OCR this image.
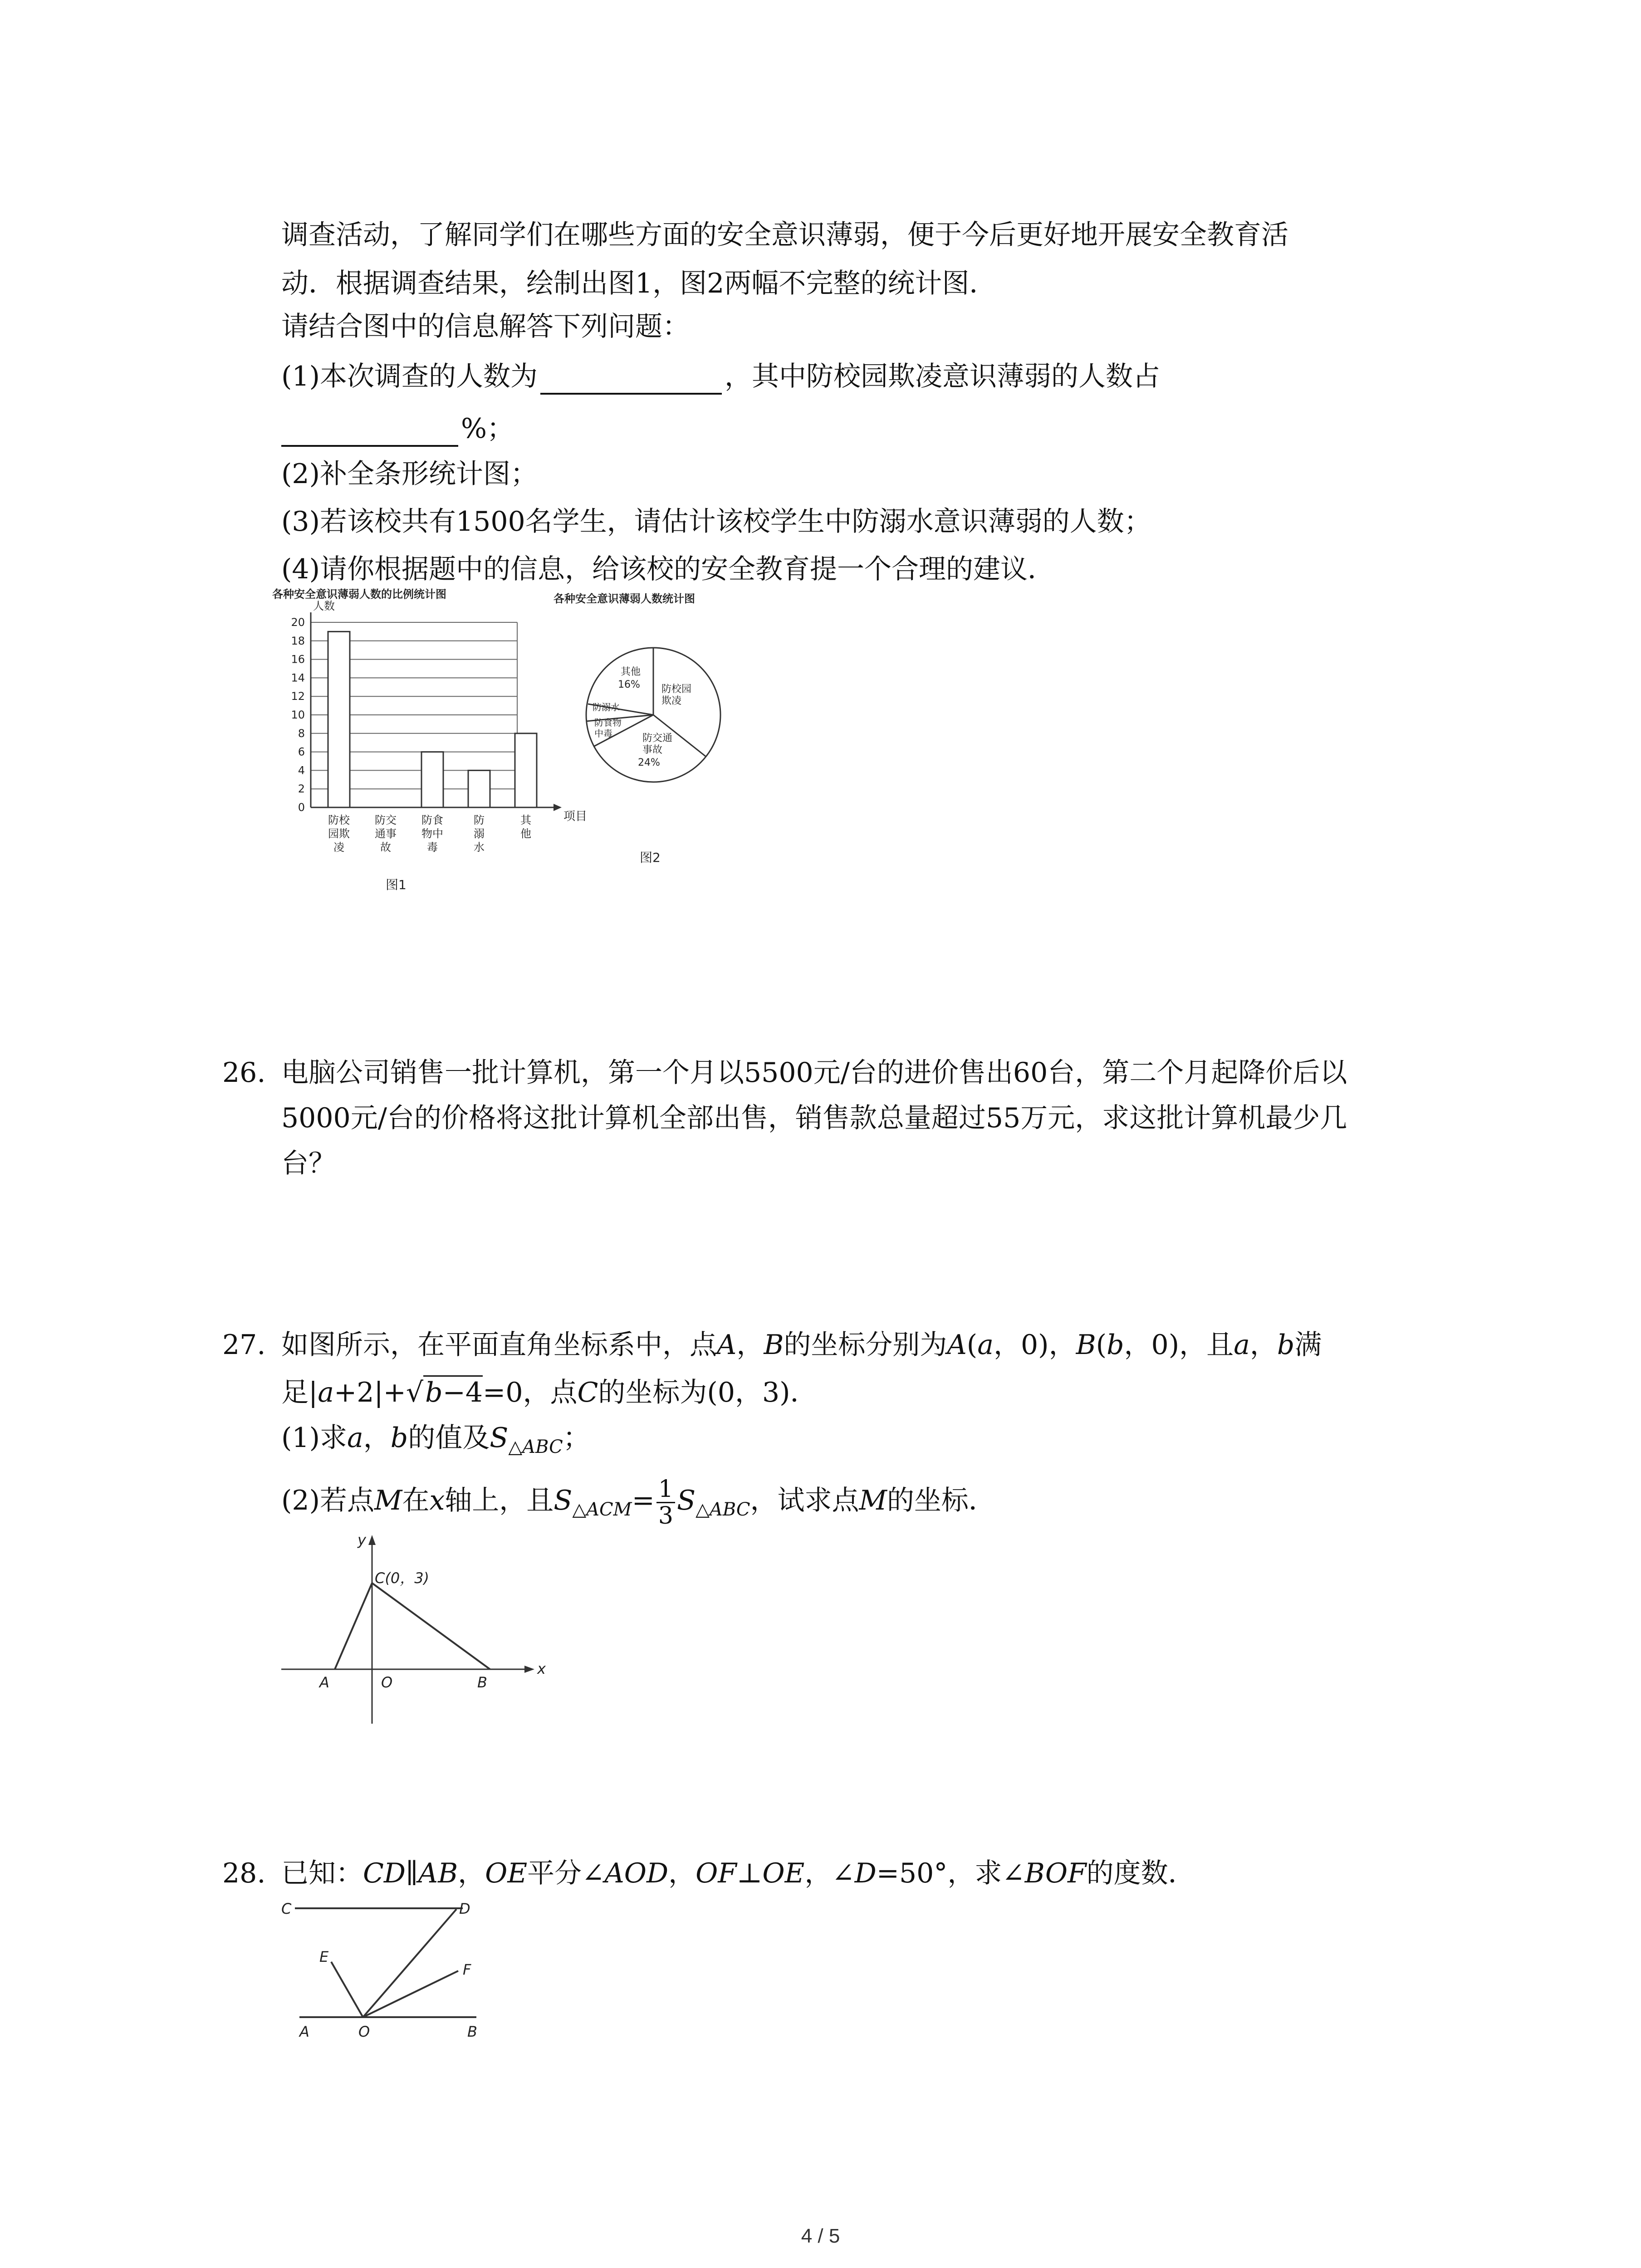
调查活动，了解同学们在哪些方面的安全意识薄弱，便于今后更好地开展安全教育活
动．根据调查结果，绘制出图1，图2两幅不完整的统计图．
请结合图中的信息解答下列问题：
(1)本次调查的人数为	，其中防校园欺凌意识薄弱的人数占
%；
(2)补全条形统计图；
(3)若该校共有1500名学生，请估计该校学生中防溺水意识薄弱的人数；
(4)请你根据题中的信息，给该校的安全教育提一个合理的建议．
各种安全意识薄弱人数的比例统计图
人数
0
2
4
6
8
10
12
14
16
18
20
防校园欺凌
防交通事故
防食物中毒
防溺水
其他
项目
图1
各种安全意识薄弱人数统计图
其他
16% 防校园欺凌
防溺水
防食物中毒	防交通事故
24%
图2
26. 电脑公司销售一批计算机，第一个月以5500元/台的进价售出60台，第二个月起降价后以
5000元/台的价格将这批计算机全部出售，销售款总量超过55万元，求这批计算机最少几
台？
27. 如图所示，在平面直角坐标系中，点A，B的坐标分别为A(a，0)，B(b，0)，且a，b满
足|a+2|+√b−4=0，点C的坐标为(0，3)．
(1)求a，b的值及$S_{\triangle ABC}$；
(2)若点M在x轴上，且$S_{\triangle ACM}= \frac{1}{3} S_{\triangle ABC}$，试求点M的坐标．
y
x
C(0，3)
A	O	B
28. 已知：CD∥AB，OE平分∠AOD，OF⊥OE，∠D=50°，求∠BOF的度数．
C	D
E
F
A	O	B
4 / 5
